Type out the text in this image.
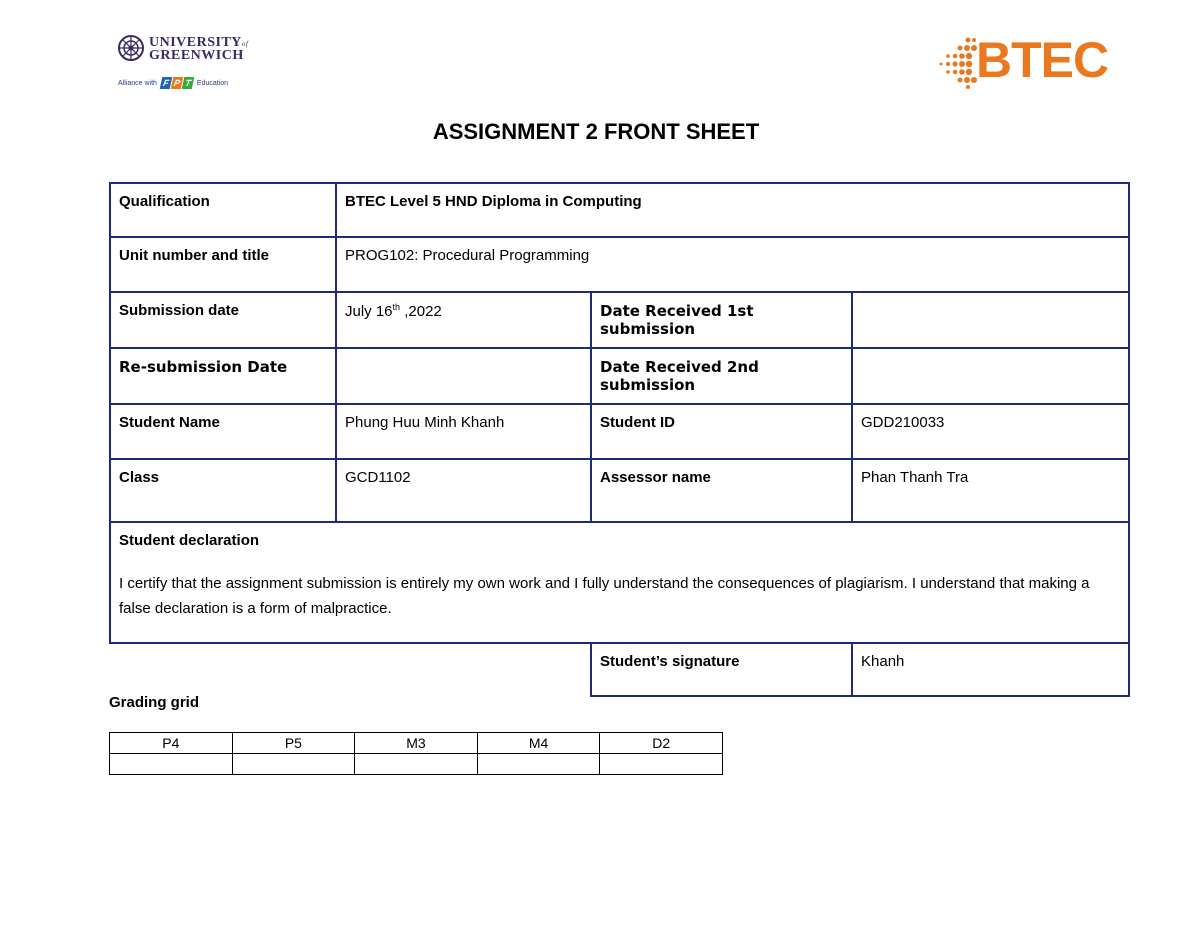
UNIVERSITYof
GREENWICH
Alliance with F P T Education	BTEC
ASSIGNMENT 2 FRONT SHEET
Qualification	BTEC Level 5 HND Diploma in Computing		
Unit number and title	PROG102: Procedural Programming		
Submission date	July 16th ,2022	Date Received 1st submission	
Re-submission Date		Date Received 2nd submission	
Student Name	Phung Huu Minh Khanh	Student ID	GDD210033
Class	GCD1102	Assessor name	Phan Thanh Tra

Student declaration
I certify that the assignment submission is entirely my own work and I fully understand the consequences of plagiarism. I understand that making a false declaration is a form of malpractice.			

		Student’s signature	Khanh
Grading grid
P4	P5	M3	M4	D2
